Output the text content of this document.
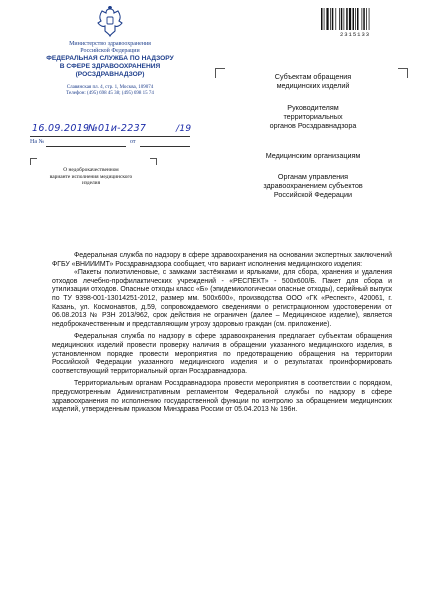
Министерство здравоохранения
Российской Федерации
ФЕДЕРАЛЬНАЯ СЛУЖБА ПО НАДЗОРУ
В СФЕРЕ ЗДРАВООХРАНЕНИЯ
(РОСЗДРАВНАДЗОР)
Славянская пл. 4, стр. 1, Москва, 109074
Телефон: (495) 698 45 38; (495) 698 15 74
16.09.2019
№ 01и-2237	/19
На №	от
О недоброкачественном
варианте исполнения медицинского
изделия
2315133
Субъектам обращения
медицинских изделий
Руководителям
территориальных
органов Росздравнадзора
Медицинским организациям
Органам управления
здравоохранением субъектов
Российской Федерации

Федеральная служба по надзору в сфере здравоохранения на основании экспертных заключений ФГБУ «ВНИИИМТ» Росздравнадзора сообщает, что вариант исполнения медицинского изделия:

«Пакеты полиэтиленовые, с замками застёжками и ярлыками, для сбора, хранения и удаления отходов лечебно-профилактических учреждений - «РЕСПЕКТ» - 500х600/Б. Пакет для сбора и утилизации отходов. Опасные отходы класс «Б» (эпидемиологически опасные отходы), серийный выпуск по ТУ 9398-001-13014251-2012, размер мм. 500х600», производства ООО «ГК «Респект», 420061, г. Казань, ул. Космонавтов, д.59, сопровождаемого сведениями о регистрационном удостоверении от 06.08.2013 № РЗН 2013/962, срок действия не ограничен (далее – Медицинское изделие), является недоброкачественным и представляющим угрозу здоровью граждан (см. приложение).

Федеральная служба по надзору в сфере здравоохранения предлагает субъектам обращения медицинских изделий провести проверку наличия в обращении указанного медицинского изделия, в установленном порядке провести мероприятия по предотвращению обращения на территории Российской Федерации указанного медицинского изделия и о результатах проинформировать соответствующий территориальный орган Росздравнадзора.

Территориальным органам Росздравнадзора провести мероприятия в соответствии с порядком, предусмотренным Административным регламентом Федеральной службы по надзору в сфере здравоохранения по исполнению государственной функции по контролю за обращением медицинских изделий, утвержденным приказом Минздрава России от 05.04.2013 № 196н.
